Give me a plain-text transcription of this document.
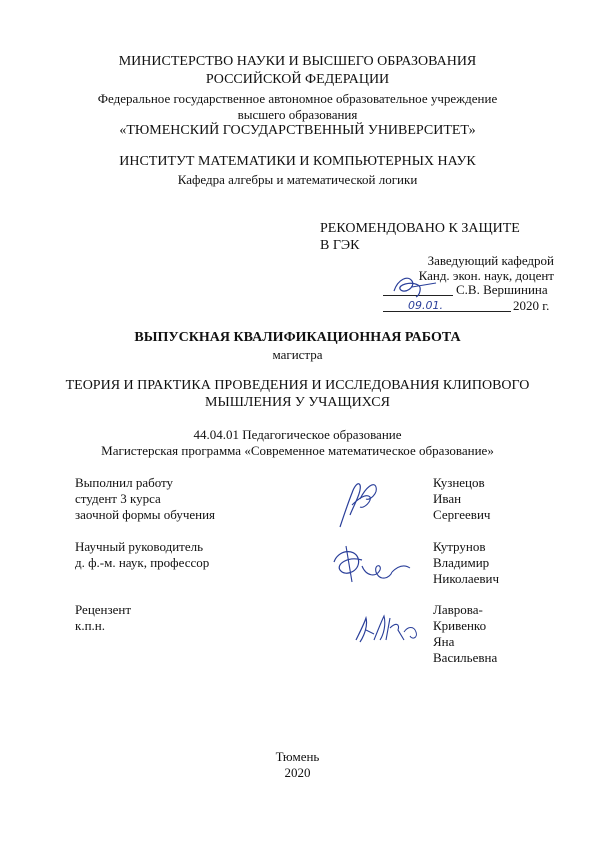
МИНИСТЕРСТВО НАУКИ И ВЫСШЕГО ОБРАЗОВАНИЯ
РОССИЙСКОЙ ФЕДЕРАЦИИ
Федеральное государственное автономное образовательное учреждение
высшего образования
«ТЮМЕНСКИЙ ГОСУДАРСТВЕННЫЙ УНИВЕРСИТЕТ»
ИНСТИТУТ МАТЕМАТИКИ И КОМПЬЮТЕРНЫХ НАУК
Кафедра алгебры и математической логики
РЕКОМЕНДОВАНО К ЗАЩИТЕ
В ГЭК
Заведующий кафедрой
Канд. экон. наук, доцент
С.В. Вершинина
09.01.	2020 г.
ВЫПУСКНАЯ КВАЛИФИКАЦИОННАЯ РАБОТА
магистра
ТЕОРИЯ И ПРАКТИКА ПРОВЕДЕНИЯ И ИССЛЕДОВАНИЯ КЛИПОВОГО
МЫШЛЕНИЯ У УЧАЩИХСЯ
44.04.01 Педагогическое образование
Магистерская программа «Современное математическое образование»
Выполнил работу
студент 3 курса
заочной формы обучения
Кузнецов
Иван
Сергеевич
Научный руководитель
д. ф.-м. наук, профессор
Кутрунов
Владимир
Николаевич
Рецензент
к.п.н.
Лаврова-
Кривенко
Яна
Васильевна
Тюмень
2020
